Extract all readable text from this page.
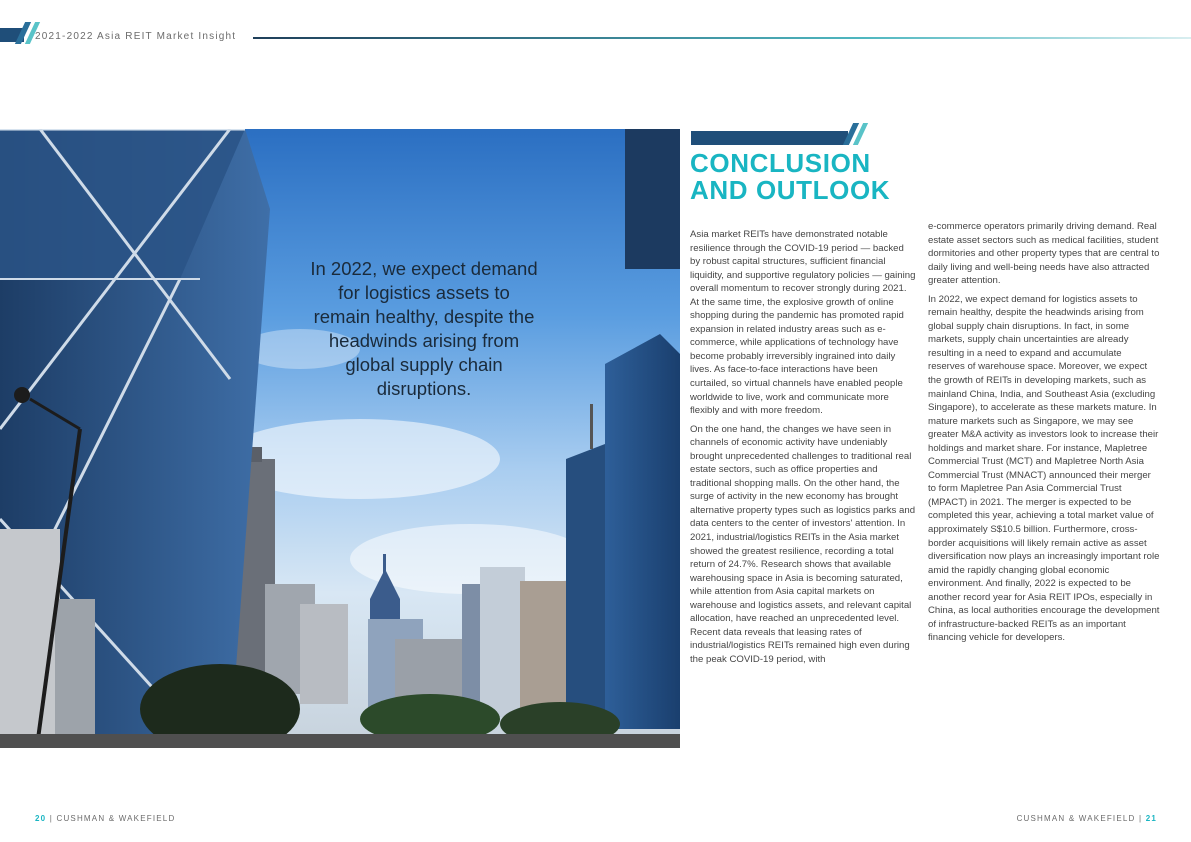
2021-2022 Asia REIT Market Insight
In 2022, we expect demand for logistics assets to remain healthy, despite the headwinds arising from global supply chain disruptions.
CONCLUSION
AND OUTLOOK

Asia market REITs have demonstrated notable resilience through the COVID-19 period — backed by robust capital structures, sufficient financial liquidity, and supportive regulatory policies — gaining overall momentum to recover strongly during 2021. At the same time, the explosive growth of online shopping during the pandemic has promoted rapid expansion in related industry areas such as e-commerce, while applications of technology have become probably irreversibly ingrained into daily lives. As face-to-face interactions have been curtailed, so virtual channels have enabled people worldwide to live, work and communicate more flexibly and with more freedom.

On the one hand, the changes we have seen in channels of economic activity have undeniably brought unprecedented challenges to traditional real estate sectors, such as office properties and traditional shopping malls. On the other hand, the surge of activity in the new economy has brought alternative property types such as logistics parks and data centers to the center of investors' attention. In 2021, industrial/logistics REITs in the Asia market showed the greatest resilience, recording a total return of 24.7%. Research shows that available warehousing space in Asia is becoming saturated, while attention from Asia capital markets on warehouse and logistics assets, and relevant capital allocation, have reached an unprecedented level. Recent data reveals that leasing rates of industrial/logistics REITs remained high even during the peak COVID-19 period, with

e-commerce operators primarily driving demand. Real estate asset sectors such as medical facilities, student dormitories and other property types that are central to daily living and well-being needs have also attracted greater attention.

In 2022, we expect demand for logistics assets to remain healthy, despite the headwinds arising from global supply chain disruptions. In fact, in some markets, supply chain uncertainties are already resulting in a need to expand and accumulate reserves of warehouse space. Moreover, we expect the growth of REITs in developing markets, such as mainland China, India, and Southeast Asia (excluding Singapore), to accelerate as these markets mature. In mature markets such as Singapore, we may see greater M&A activity as investors look to increase their holdings and market share. For instance, Mapletree Commercial Trust (MCT) and Mapletree North Asia Commercial Trust (MNACT) announced their merger to form Mapletree Pan Asia Commercial Trust (MPACT) in 2021. The merger is expected to be completed this year, achieving a total market value of approximately S$10.5 billion. Furthermore, cross-border acquisitions will likely remain active as asset diversification now plays an increasingly important role amid the rapidly changing global economic environment. And finally, 2022 is expected to be another record year for Asia REIT IPOs, especially in China, as local authorities encourage the development of infrastructure-backed REITs as an important financing vehicle for developers.

20 | CUSHMAN & WAKEFIELD	CUSHMAN & WAKEFIELD | 21
